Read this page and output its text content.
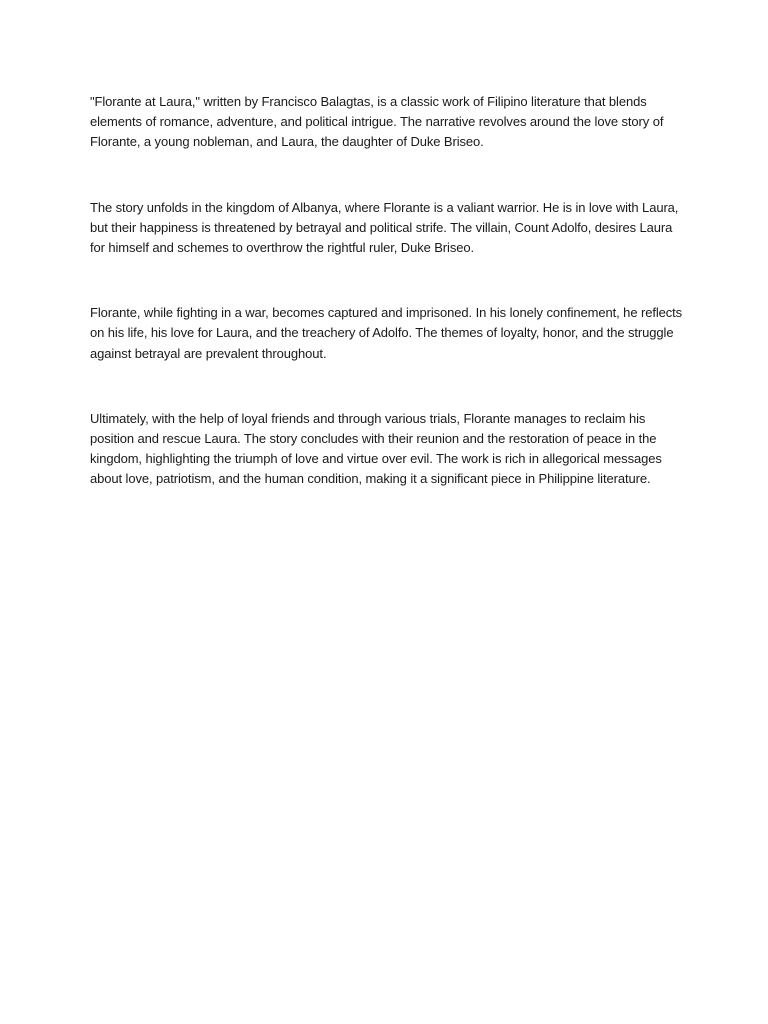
"Florante at Laura," written by Francisco Balagtas, is a classic work of Filipino literature that blends elements of romance, adventure, and political intrigue. The narrative revolves around the love story of Florante, a young nobleman, and Laura, the daughter of Duke Briseo.

The story unfolds in the kingdom of Albanya, where Florante is a valiant warrior. He is in love with Laura, but their happiness is threatened by betrayal and political strife. The villain, Count Adolfo, desires Laura for himself and schemes to overthrow the rightful ruler, Duke Briseo.

Florante, while fighting in a war, becomes captured and imprisoned. In his lonely confinement, he reflects on his life, his love for Laura, and the treachery of Adolfo. The themes of loyalty, honor, and the struggle against betrayal are prevalent throughout.

Ultimately, with the help of loyal friends and through various trials, Florante manages to reclaim his position and rescue Laura. The story concludes with their reunion and the restoration of peace in the kingdom, highlighting the triumph of love and virtue over evil. The work is rich in allegorical messages about love, patriotism, and the human condition, making it a significant piece in Philippine literature.
